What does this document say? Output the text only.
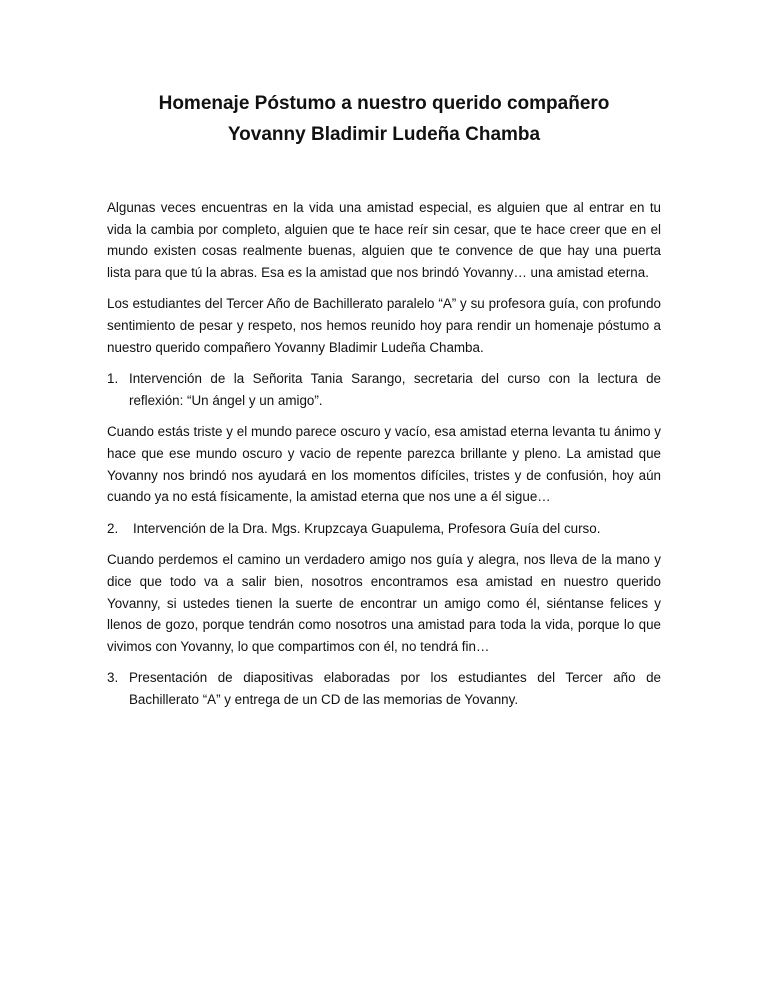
Homenaje Póstumo a nuestro querido compañero
Yovanny Bladimir Ludeña Chamba

Algunas veces encuentras en la vida una amistad especial, es alguien que al entrar en tu vida la cambia por completo, alguien que te hace reír sin cesar, que te hace creer que en el mundo existen cosas realmente buenas, alguien que te convence de que hay una puerta lista para que tú la abras. Esa es la amistad que nos brindó Yovanny… una amistad eterna.

Los estudiantes del Tercer Año de Bachillerato paralelo “A” y su profesora guía, con profundo sentimiento de pesar y respeto, nos hemos reunido hoy para rendir un homenaje póstumo a nuestro querido compañero Yovanny Bladimir Ludeña Chamba.

1. Intervención de la Señorita Tania Sarango, secretaria del curso con la lectura de reflexión: “Un ángel y un amigo”.

Cuando estás triste y el mundo parece oscuro y vacío, esa amistad eterna levanta tu ánimo y hace que ese mundo oscuro y vacio de repente parezca brillante y pleno. La amistad que Yovanny nos brindó nos ayudará en los momentos difíciles, tristes y de confusión, hoy aún cuando ya no está físicamente, la amistad eterna que nos une a él sigue…

2. Intervención de la Dra. Mgs. Krupzcaya Guapulema, Profesora Guía del curso.

Cuando perdemos el camino un verdadero amigo nos guía y alegra, nos lleva de la mano y dice que todo va a salir bien, nosotros encontramos esa amistad en nuestro querido Yovanny, si ustedes tienen la suerte de encontrar un amigo como él, siéntanse felices y llenos de gozo, porque tendrán como nosotros una amistad para toda la vida, porque lo que vivimos con Yovanny, lo que compartimos con él, no tendrá fin…

3. Presentación de diapositivas elaboradas por los estudiantes del Tercer año de Bachillerato “A” y entrega de un CD de las memorias de Yovanny.
